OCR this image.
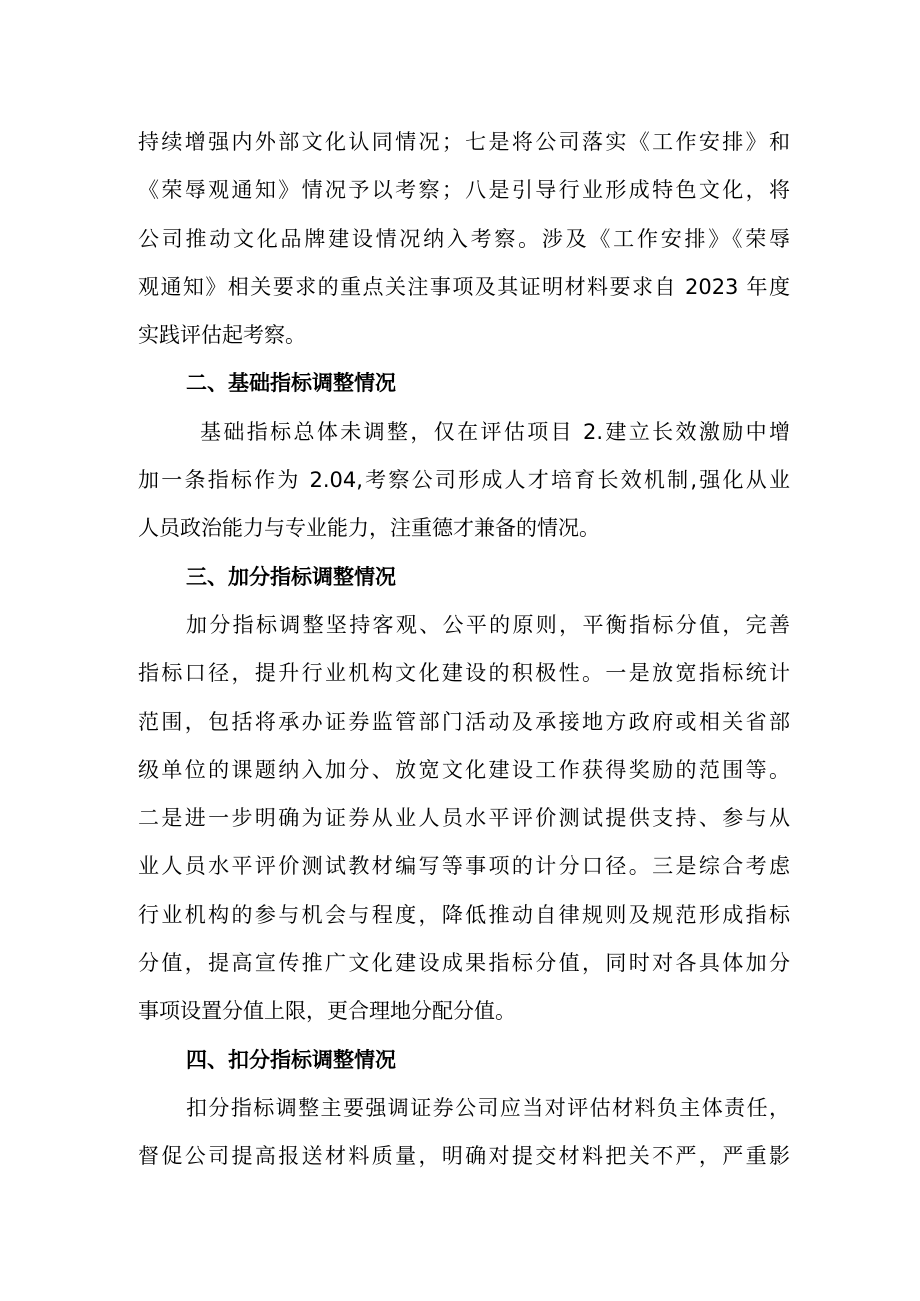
持续增强内外部文化认同情况；七是将公司落实《工作安排》和
《荣辱观通知》情况予以考察；八是引导行业形成特色文化，将
公司推动文化品牌建设情况纳入考察。涉及《工作安排》《荣辱
观通知》相关要求的重点关注事项及其证明材料要求自 2023 年度
实践评估起考察。
二、基础指标调整情况
基础指标总体未调整，仅在评估项目 2.建立长效激励中增
加一条指标作为 2.04,考察公司形成人才培育长效机制,强化从业
人员政治能力与专业能力，注重德才兼备的情况。
三、加分指标调整情况
加分指标调整坚持客观、公平的原则，平衡指标分值，完善
指标口径，提升行业机构文化建设的积极性。一是放宽指标统计
范围，包括将承办证券监管部门活动及承接地方政府或相关省部
级单位的课题纳入加分、放宽文化建设工作获得奖励的范围等。
二是进一步明确为证券从业人员水平评价测试提供支持、参与从
业人员水平评价测试教材编写等事项的计分口径。三是综合考虑
行业机构的参与机会与程度，降低推动自律规则及规范形成指标
分值，提高宣传推广文化建设成果指标分值，同时对各具体加分
事项设置分值上限，更合理地分配分值。
四、扣分指标调整情况
扣分指标调整主要强调证券公司应当对评估材料负主体责任，
督促公司提高报送材料质量，明确对提交材料把关不严，严重影
